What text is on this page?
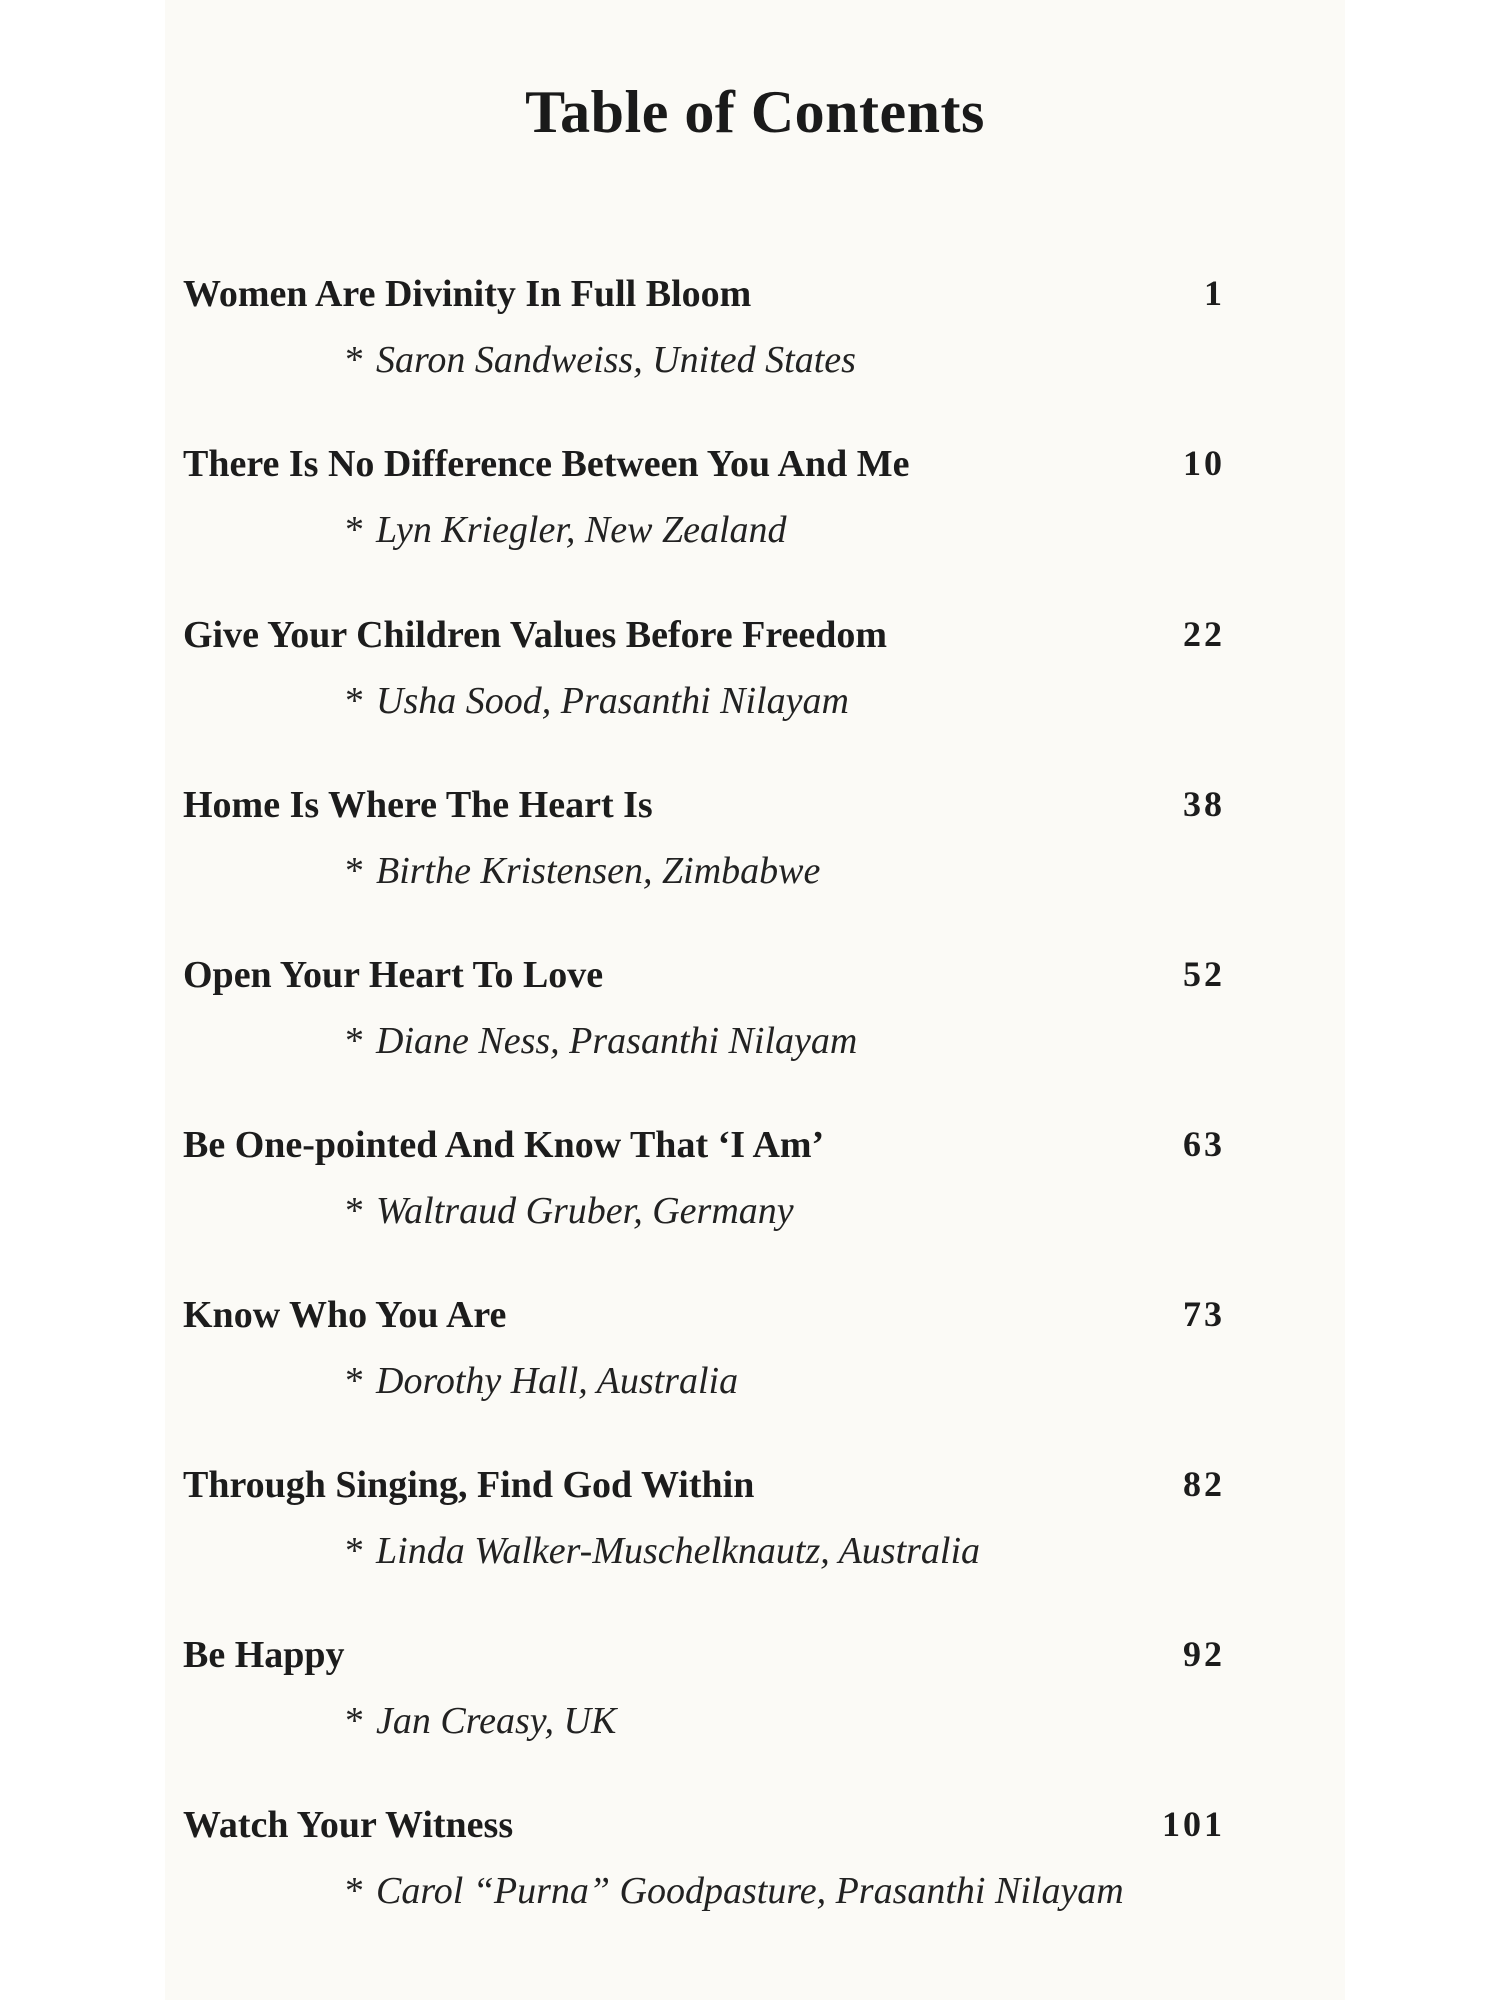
Table of Contents
Women Are Divinity In Full Bloom	1
* Saron Sandweiss, United States
There Is No Difference Between You And Me	10
* Lyn Kriegler, New Zealand
Give Your Children Values Before Freedom	22
* Usha Sood, Prasanthi Nilayam
Home Is Where The Heart Is	38
* Birthe Kristensen, Zimbabwe
Open Your Heart To Love	52
* Diane Ness, Prasanthi Nilayam
Be One-pointed And Know That ‘I Am’	63
* Waltraud Gruber, Germany
Know Who You Are	73
* Dorothy Hall, Australia
Through Singing, Find God Within	82
* Linda Walker-Muschelknautz, Australia
Be Happy	92
* Jan Creasy, UK
Watch Your Witness	101
* Carol “Purna” Goodpasture, Prasanthi Nilayam
